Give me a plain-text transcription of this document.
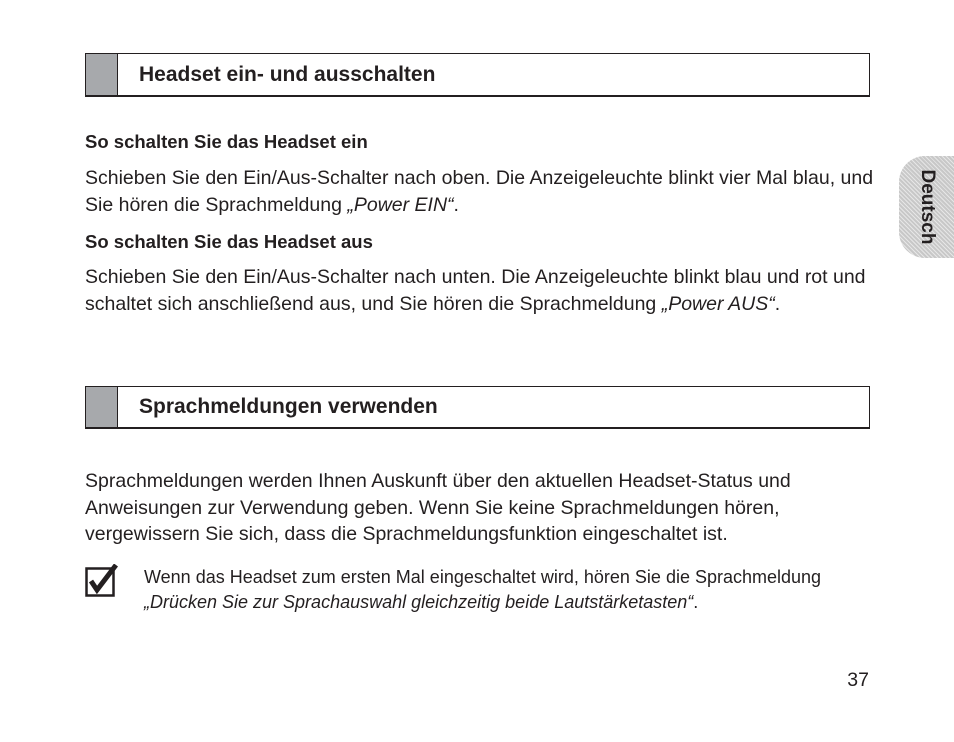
Headset ein- und ausschalten
So schalten Sie das Headset ein

Schieben Sie den Ein/Aus-Schalter nach oben. Die Anzeigeleuchte blinkt vier Mal blau, und Sie hören die Sprachmeldung „Power EIN“.

So schalten Sie das Headset aus

Schieben Sie den Ein/Aus-Schalter nach unten. Die Anzeigeleuchte blinkt blau und rot und schaltet sich anschließend aus, und Sie hören die Sprachmeldung „Power AUS“.

Sprachmeldungen verwenden

Sprachmeldungen werden Ihnen Auskunft über den aktuellen Headset-Status und Anweisungen zur Verwendung geben. Wenn Sie keine Sprachmeldungen hören, vergewissern Sie sich, dass die Sprachmeldungsfunktion eingeschaltet ist.

Wenn das Headset zum ersten Mal eingeschaltet wird, hören Sie die Sprachmeldung „Drücken Sie zur Sprachauswahl gleichzeitig beide Lautstärketasten“.

Deutsch
37
